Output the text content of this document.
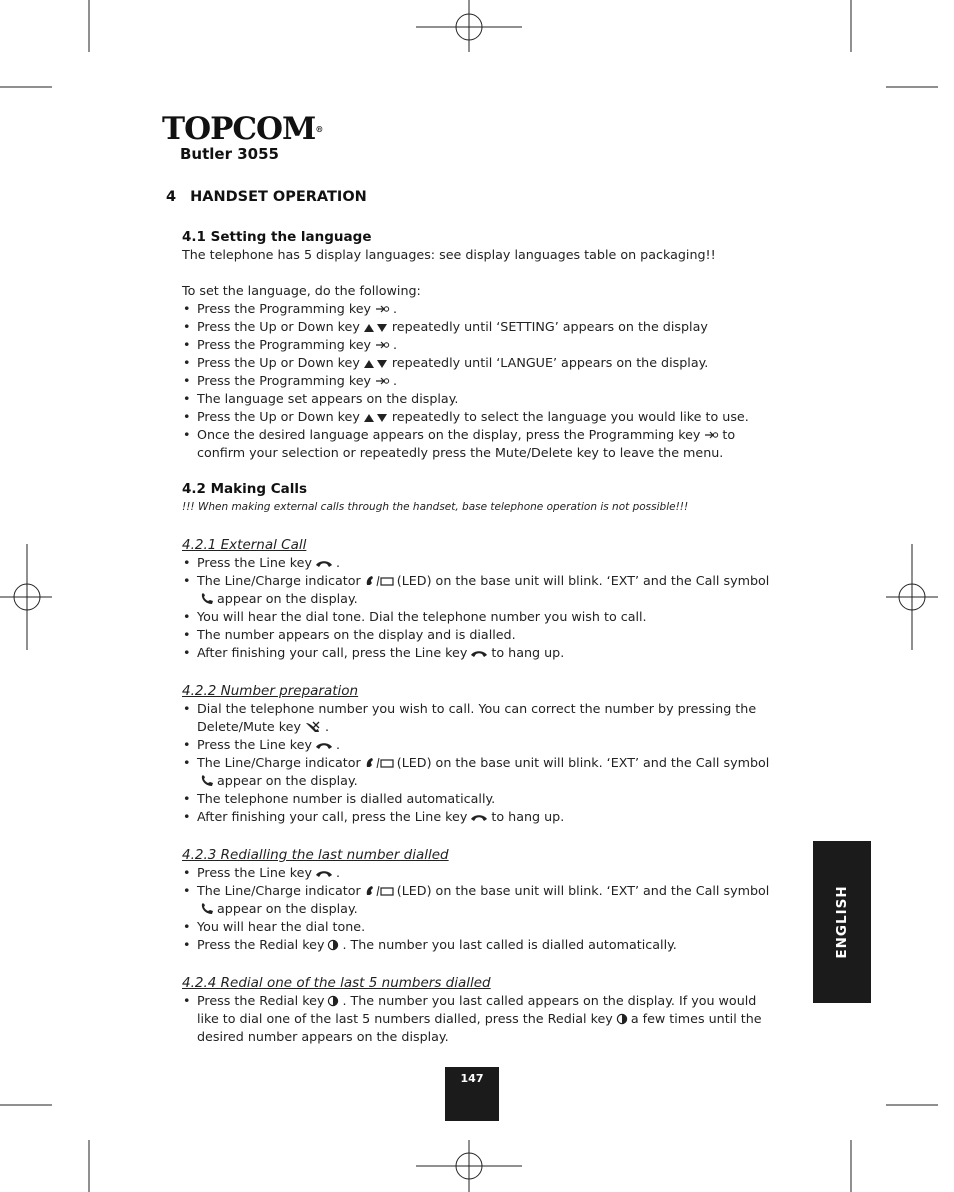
TOPCOM®
Butler 3055
4 HANDSET OPERATION

4.1 Setting the language

The telephone has 5 display languages: see display languages table on packaging!!

To set the language, do the following:

• Press the Programming key .
• Press the Up or Down key	repeatedly until ‘SETTING’ appears on the display
• Press the Programming key .
• Press the Up or Down key	repeatedly until ‘LANGUE’ appears on the display.
• Press the Programming key .
• The language set appears on the display.
• Press the Up or Down key	repeatedly to select the language you would like to use.
• Once the desired language appears on the display, press the Programming key to confirm your selection or repeatedly press the Mute/Delete key to leave the menu.

4.2 Making Calls

!!! When making external calls through the handset, base telephone operation is not possible!!!

4.2.1 External Call

• Press the Line key .
• The Line/Charge indicator	(LED) on the base unit will blink. ‘EXT’ and the Call symbolappear on the display.
• You will hear the dial tone. Dial the telephone number you wish to call.
• The number appears on the display and is dialled.
• After finishing your call, press the Line key to hang up.

4.2.2 Number preparation

• Dial the telephone number you wish to call. You can correct the number by pressing the Delete/Mute key .
• Press the Line key .
• The Line/Charge indicator	(LED) on the base unit will blink. ‘EXT’ and the Call symbolappear on the display.
• The telephone number is dialled automatically.
• After finishing your call, press the Line key to hang up.

4.2.3 Redialling the last number dialled

• Press the Line key .
• The Line/Charge indicator	(LED) on the base unit will blink. ‘EXT’ and the Call symbolappear on the display.
• You will hear the dial tone.
• Press the Redial key . The number you last called is dialled automatically.

4.2.4 Redial one of the last 5 numbers dialled

• Press the Redial key . The number you last called appears on the display. If you would like to dial one of the last 5 numbers dialled, press the Redial key a few times until the desired number appears on the display.
ENGLISH
147
